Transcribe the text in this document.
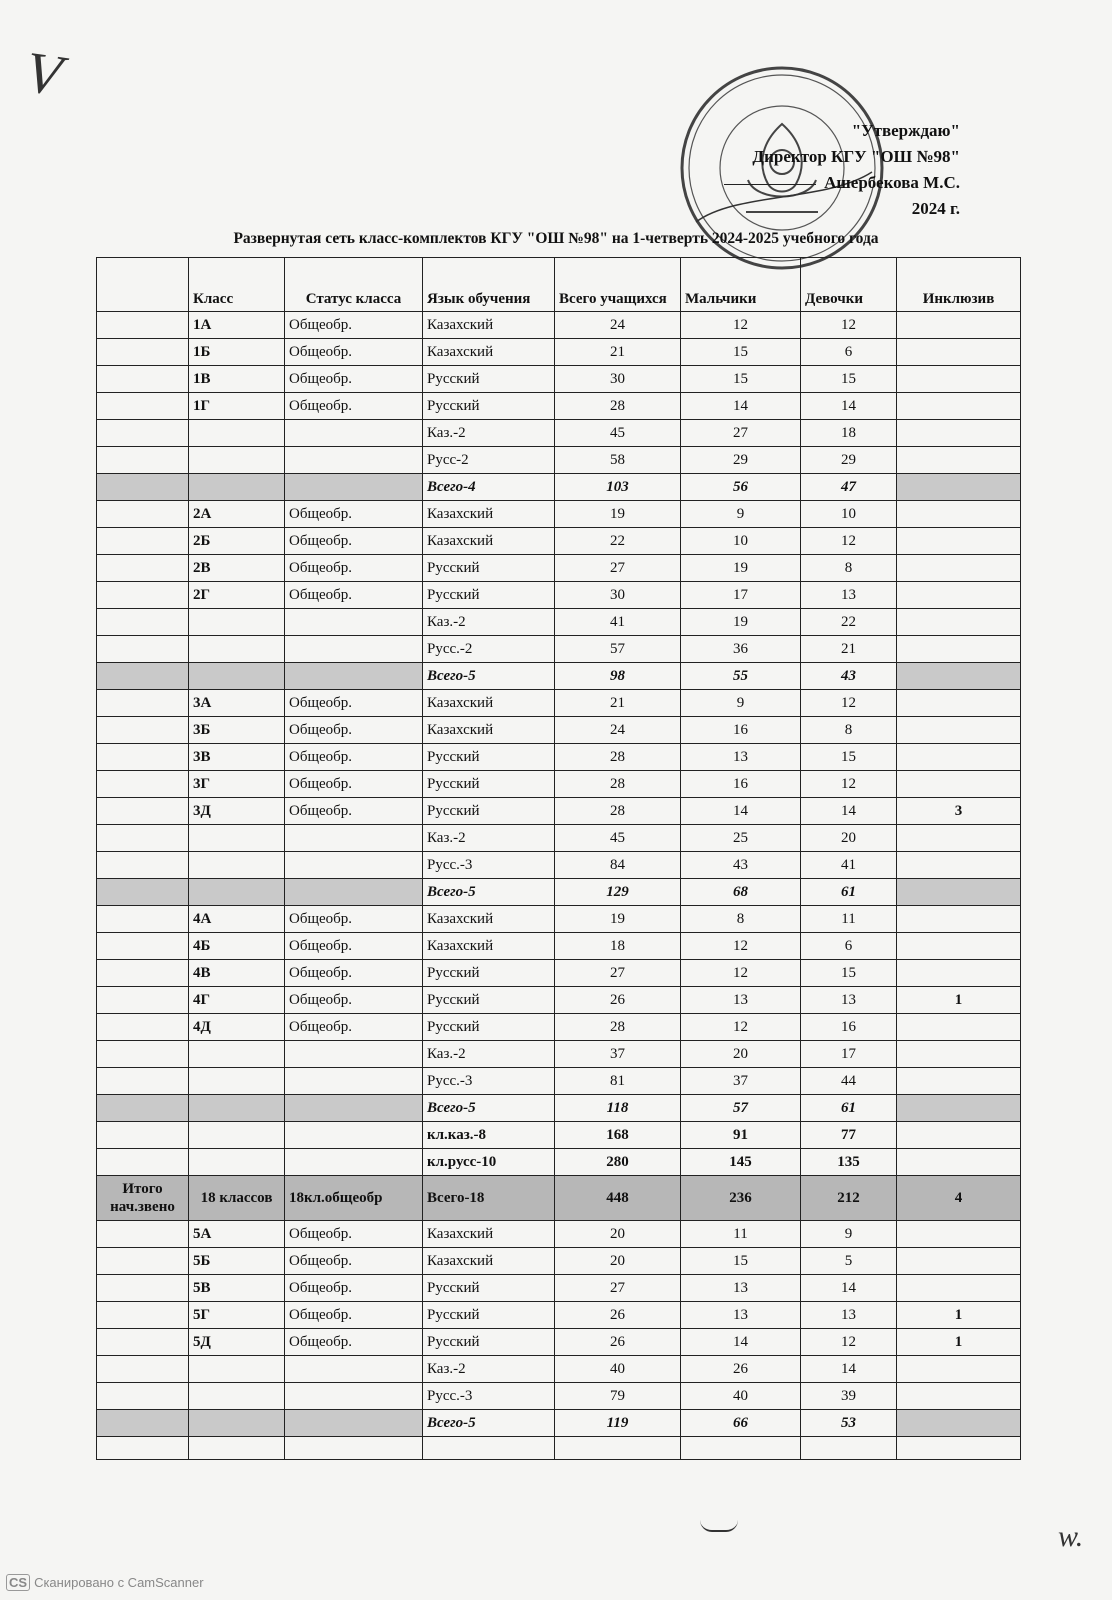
V
"Утверждаю"
Директор КГУ "ОШ №98"
Ашербекова М.С.
2024 г.
Развернутая сеть класс-комплектов КГУ "ОШ №98" на 1-четверть 2024-2025 учебного года
	Класс	Статус класса	Язык обучения	Всего учащихся	Мальчики	Девочки	Инклюзив
	1А	Общеобр.	Казахский	24	12	12	
	1Б	Общеобр.	Казахский	21	15	6	
	1В	Общеобр.	Русский	30	15	15	
	1Г	Общеобр.	Русский	28	14	14	
			Каз.-2	45	27	18	
			Русс-2	58	29	29	
			Всего-4	103	56	47	
	2А	Общеобр.	Казахский	19	9	10	
	2Б	Общеобр.	Казахский	22	10	12	
	2В	Общеобр.	Русский	27	19	8	
	2Г	Общеобр.	Русский	30	17	13	
			Каз.-2	41	19	22	
			Русс.-2	57	36	21	
			Всего-5	98	55	43	
	3А	Общеобр.	Казахский	21	9	12	
	3Б	Общеобр.	Казахский	24	16	8	
	3В	Общеобр.	Русский	28	13	15	
	3Г	Общеобр.	Русский	28	16	12	
	3Д	Общеобр.	Русский	28	14	14	3
			Каз.-2	45	25	20	
			Русс.-3	84	43	41	
			Всего-5	129	68	61	
	4А	Общеобр.	Казахский	19	8	11	
	4Б	Общеобр.	Казахский	18	12	6	
	4В	Общеобр.	Русский	27	12	15	
	4Г	Общеобр.	Русский	26	13	13	1
	4Д	Общеобр.	Русский	28	12	16	
			Каз.-2	37	20	17	
			Русс.-3	81	37	44	
			Всего-5	118	57	61	
			кл.каз.-8	168	91	77	
			кл.русс-10	280	145	135	
Итого нач.звено	18 классов	18кл.общеобр	Всего-18	448	236	212	4
	5А	Общеобр.	Казахский	20	11	9	
	5Б	Общеобр.	Казахский	20	15	5	
	5В	Общеобр.	Русский	27	13	14	
	5Г	Общеобр.	Русский	26	13	13	1
	5Д	Общеобр.	Русский	26	14	12	1
			Каз.-2	40	26	14	
			Русс.-3	79	40	39	
			Всего-5	119	66	53	

w.
CS Сканировано с CamScanner
